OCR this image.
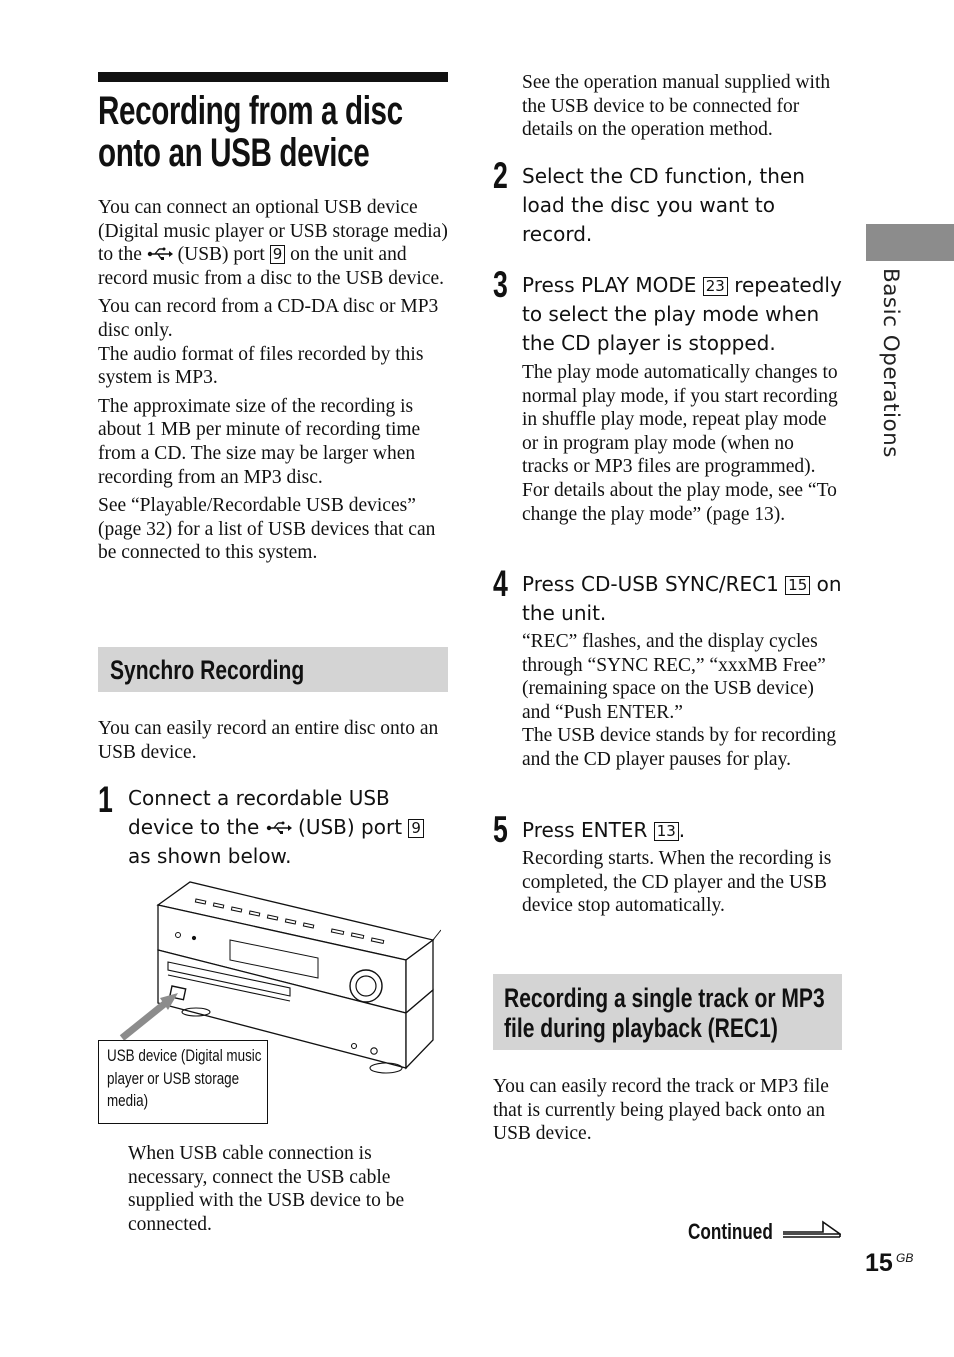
Recording from a disc
onto an USB device

You can connect an optional USB device (Digital music player or USB storage media) to the (USB) port 9 on the unit and record music from a disc to the USB device.

You can record from a CD-DA disc or MP3 disc only.

The audio format of files recorded by this system is MP3.

The approximate size of the recording is about 1 MB per minute of recording time from a CD. The size may be larger when recording from an MP3 disc.

See “Playable/Recordable USB devices” (page 32) for a list of USB devices that can be connected to this system.

Synchro Recording
You can easily record an entire disc onto an USB device.
1 Connect a recordable USB device to the (USB) port 9 as shown below.
USB device (Digital music player or USB storage media)
When USB cable connection is necessary, connect the USB cable supplied with the USB device to be connected.
See the operation manual supplied with the USB device to be connected for details on the operation method.
2 Select the CD function, then load the disc you want to record.
3 Press PLAY MODE 23 repeatedly to select the play mode when the CD player is stopped.

The play mode automatically changes to normal play mode, if you start recording in shuffle play mode, repeat play mode or in program play mode (when no tracks or MP3 files are programmed).

For details about the play mode, see “To change the play mode” (page 13).

4 Press CD-USB SYNC/REC1 15 on the unit.

“REC” flashes, and the display cycles through “SYNC REC,” “xxxMB Free” (remaining space on the USB device) and “Push ENTER.”

The USB device stands by for recording and the CD player pauses for play.

5 Press ENTER 13 .
Recording starts. When the recording is completed, the CD player and the USB device stop automatically.
Recording a single track or MP3 file during playback (REC1)
You can easily record the track or MP3 file that is currently being played back onto an USB device.
Basic Operations
Continued
15 GB
